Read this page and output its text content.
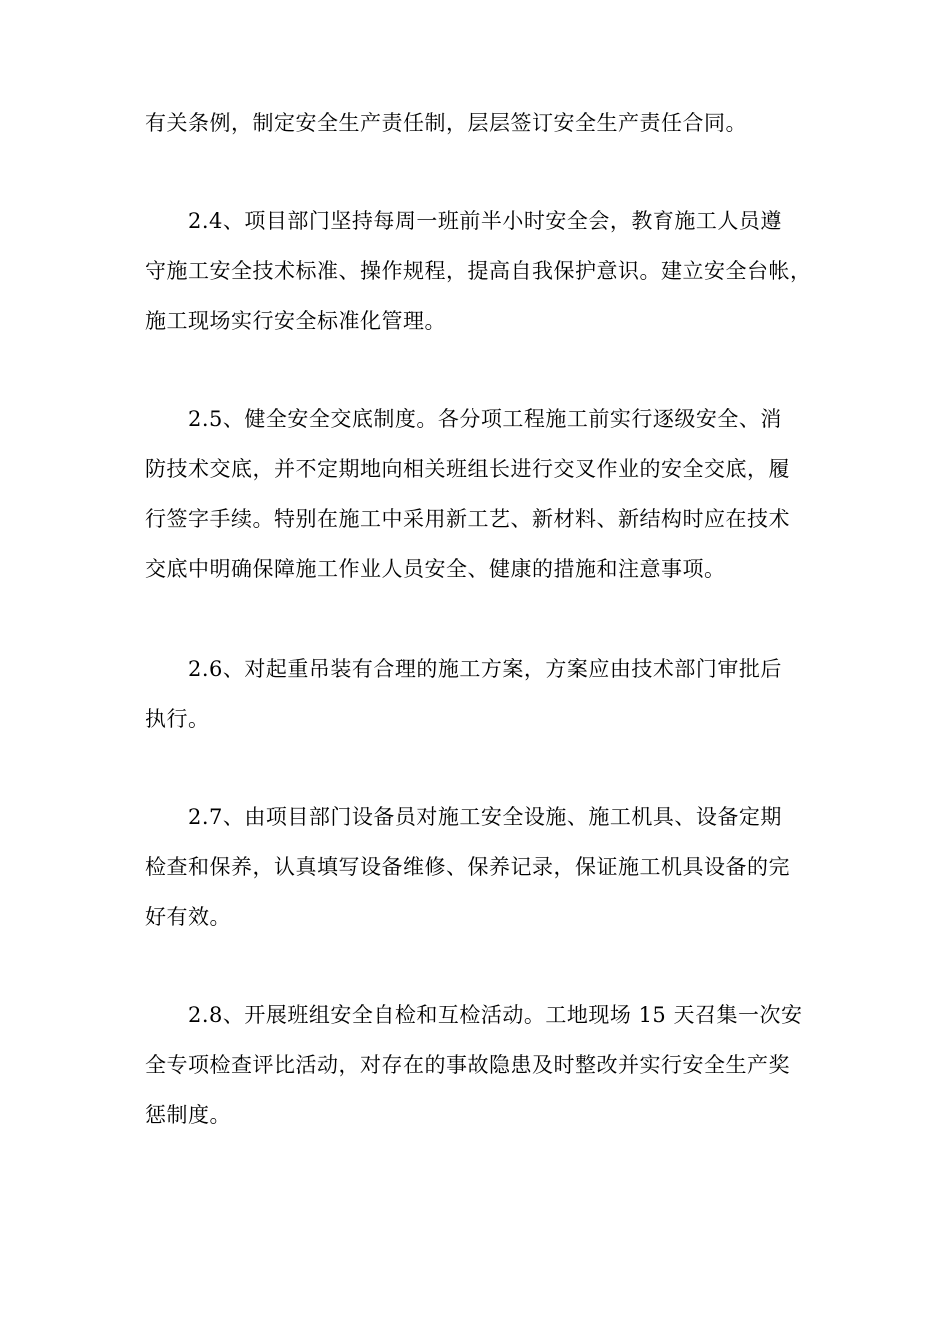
有关条例，制定安全生产责任制，层层签订安全生产责任合同。
2.4、项目部门坚持每周一班前半小时安全会，教育施工人员遵
守施工安全技术标准、操作规程，提高自我保护意识。建立安全台帐，
施工现场实行安全标准化管理。
2.5、健全安全交底制度。各分项工程施工前实行逐级安全、消
防技术交底，并不定期地向相关班组长进行交叉作业的安全交底，履
行签字手续。特别在施工中采用新工艺、新材料、新结构时应在技术
交底中明确保障施工作业人员安全、健康的措施和注意事项。
2.6、对起重吊装有合理的施工方案，方案应由技术部门审批后
执行。
2.7、由项目部门设备员对施工安全设施、施工机具、设备定期
检查和保养，认真填写设备维修、保养记录，保证施工机具设备的完
好有效。
2.8、开展班组安全自检和互检活动。工地现场 15 天召集一次安
全专项检查评比活动，对存在的事故隐患及时整改并实行安全生产奖
惩制度。
